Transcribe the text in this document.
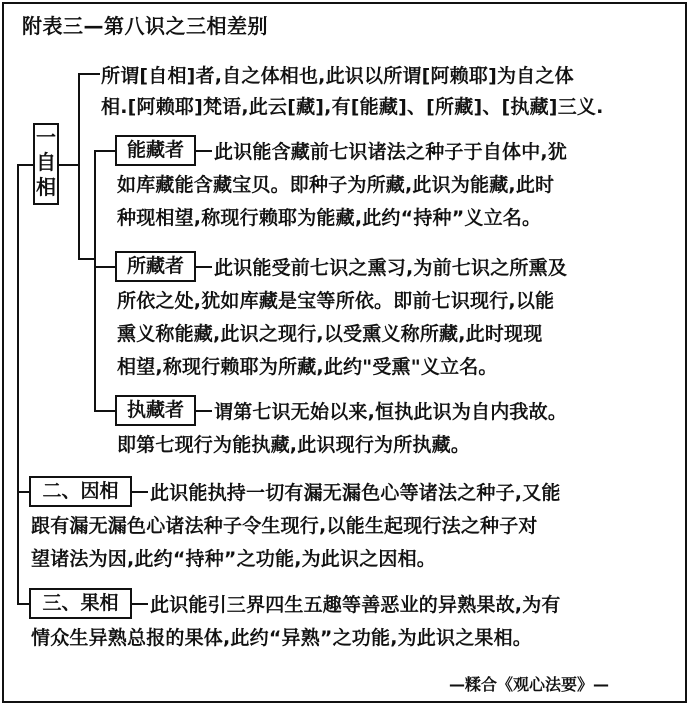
附表三—第八识之三相差别
一
自
相
所谓[自相]者,自之体相也,此识以所谓[阿赖耶]为自之体
相.[阿赖耶]梵语,此云[藏],有[能藏]、[所藏]、[执藏]三义.
能藏者	此识能含藏前七识诸法之种子于自体中,犹
如库藏能含藏宝贝。即种子为所藏,此识为能藏,此时
种现相望,称现行赖耶为能藏,此约“持种”义立名。
所藏者	此识能受前七识之熏习,为前七识之所熏及
所依之处,犹如库藏是宝等所依。即前七识现行,以能
熏义称能藏,此识之现行,以受熏义称所藏,此时现现
相望,称现行赖耶为所藏,此约"受熏"义立名。
执藏者	谓第七识无始以来,恒执此识为自内我故。
即第七现行为能执藏,此识现行为所执藏。
二、因相	此识能执持一切有漏无漏色心等诸法之种子,又能
跟有漏无漏色心诸法种子令生现行,以能生起现行法之种子对
望诸法为因,此约“持种”之功能,为此识之因相。
三、果相	此识能引三界四生五趣等善恶业的异熟果故,为有
情众生异熟总报的果体,此约“异熟”之功能,为此识之果相。
—糅合《观心法要》—
